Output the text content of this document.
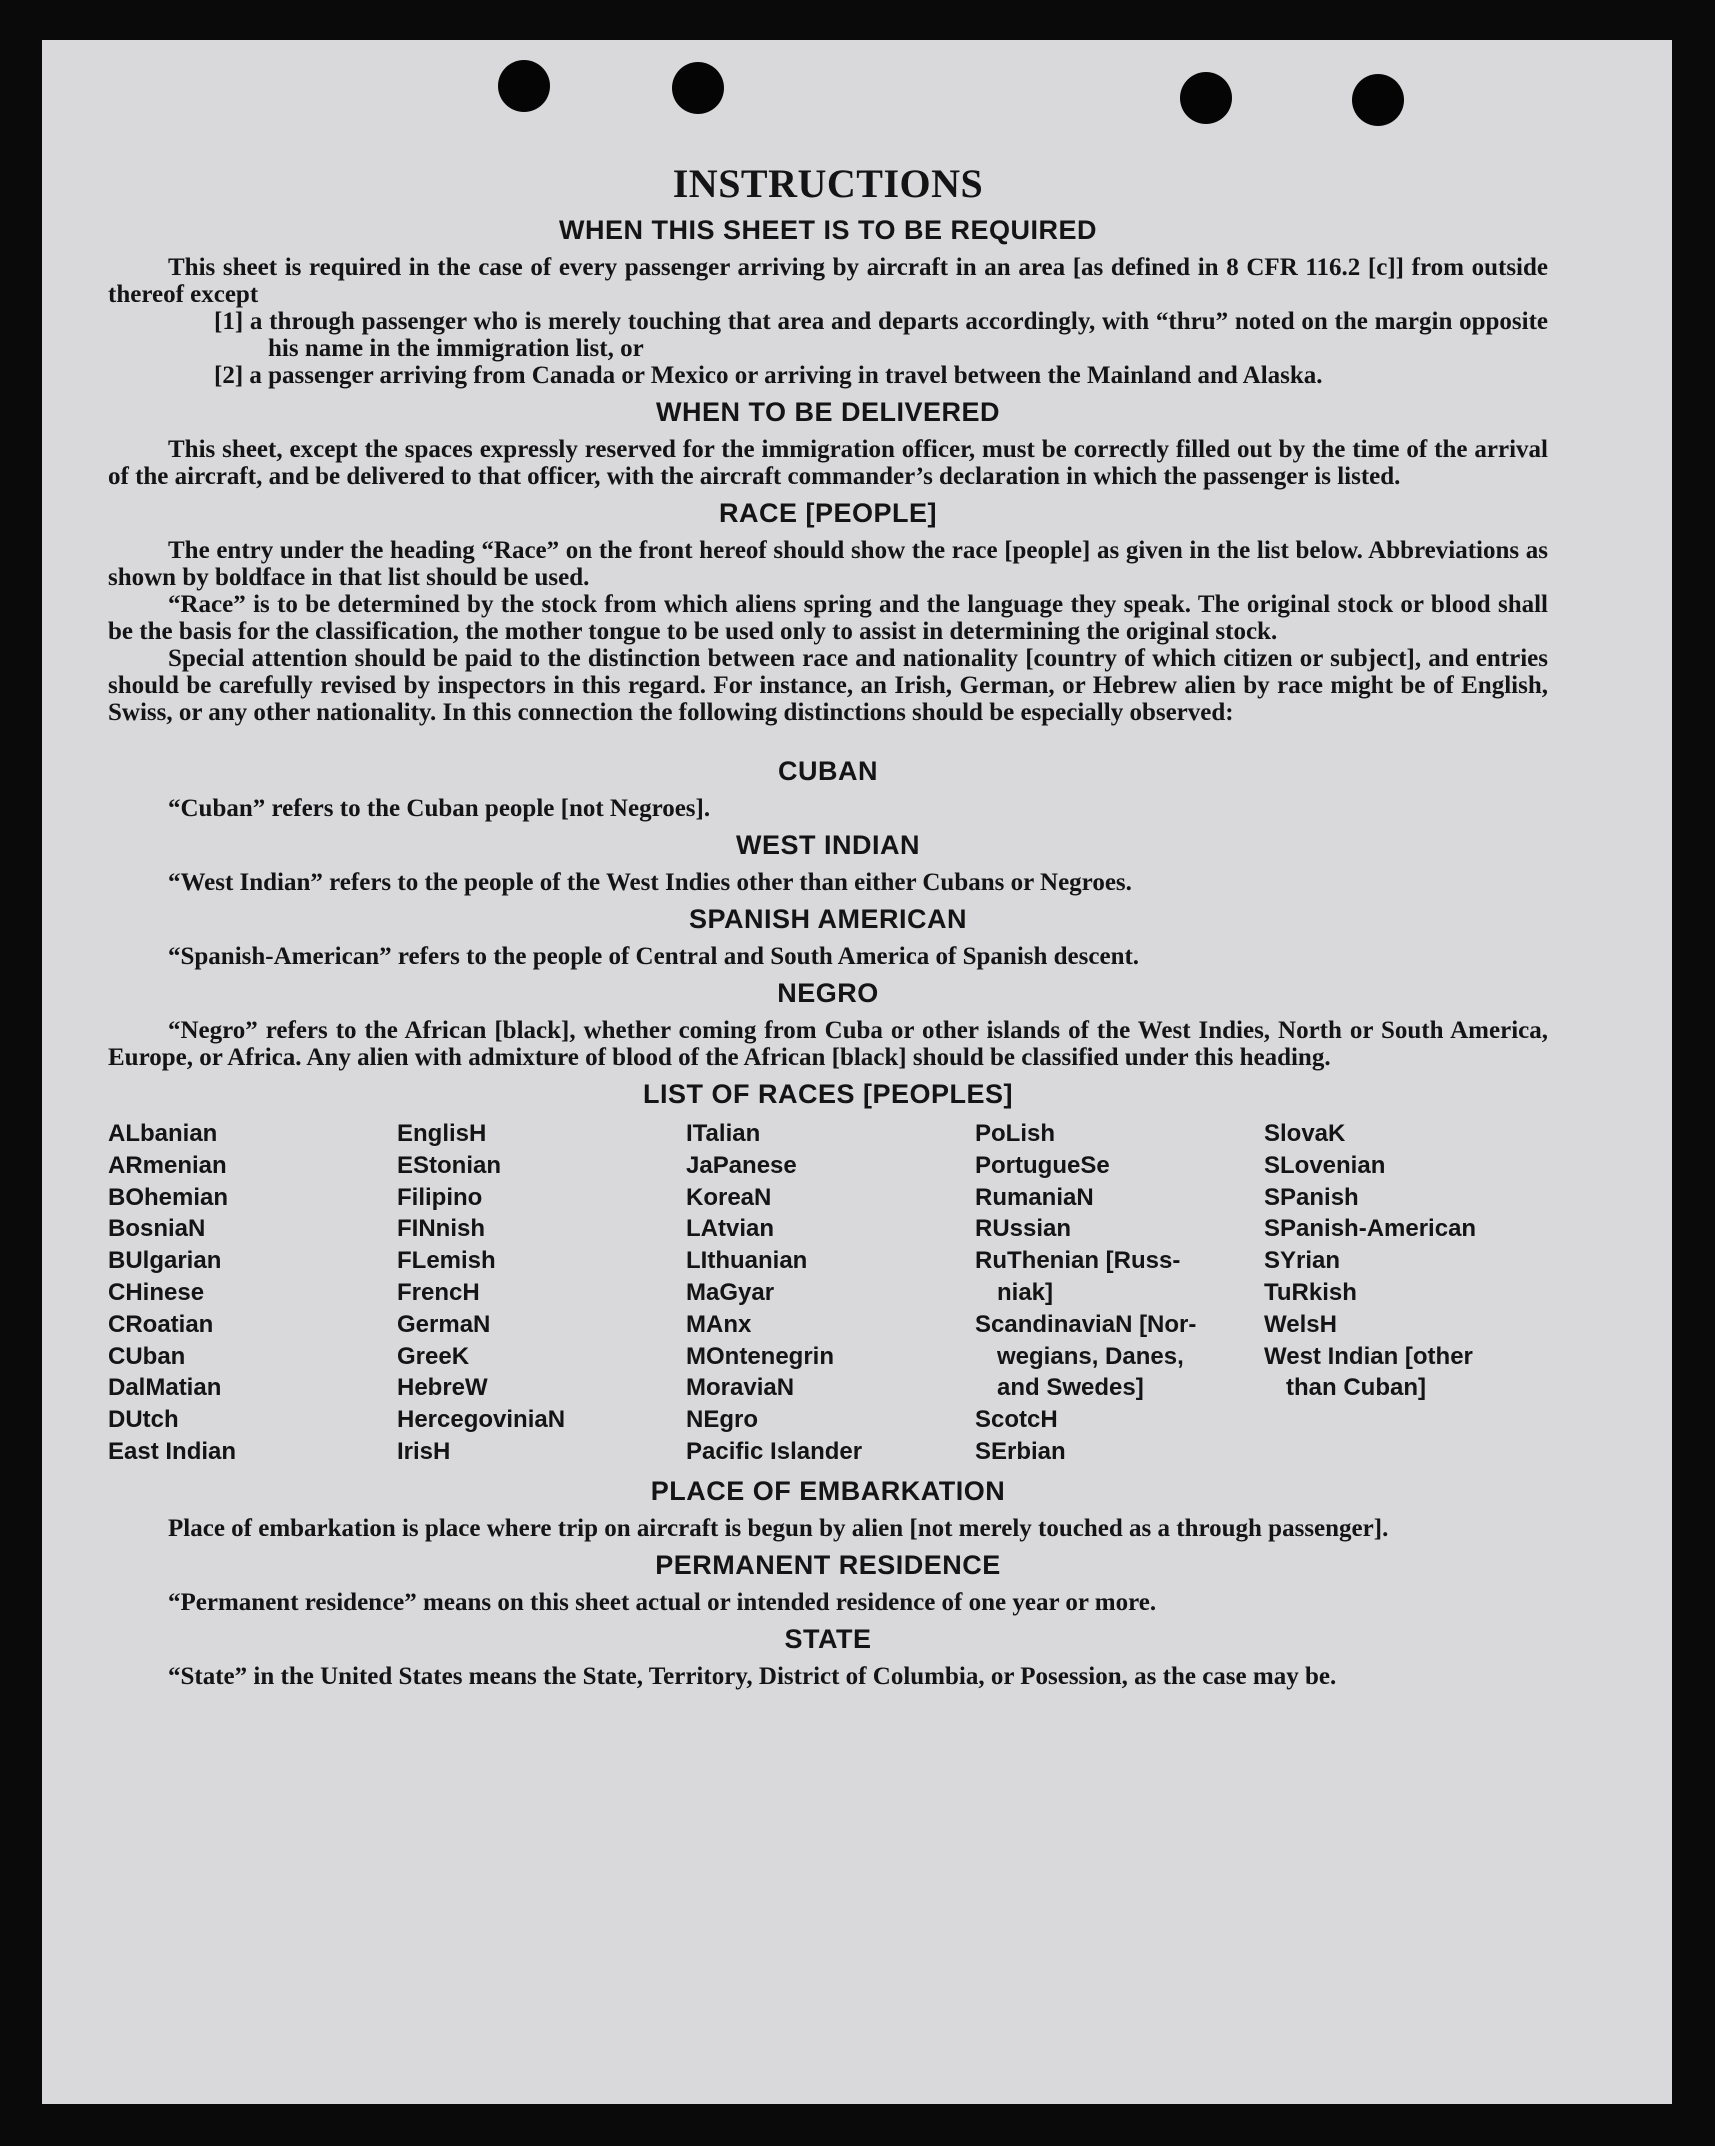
INSTRUCTIONS
WHEN THIS SHEET IS TO BE REQUIRED

This sheet is required in the case of every passenger arriving by aircraft in an area [as defined in 8 CFR 116.2 [c]] from outside thereof except

[1] a through passenger who is merely touching that area and departs accordingly, with “thru” noted on the margin opposite his name in the immigration list, or

[2] a passenger arriving from Canada or Mexico or arriving in travel between the Mainland and Alaska.

WHEN TO BE DELIVERED

This sheet, except the spaces expressly reserved for the immigration officer, must be correctly filled out by the time of the arrival of the aircraft, and be delivered to that officer, with the aircraft commander’s declaration in which the passenger is listed.

RACE [PEOPLE]

The entry under the heading “Race” on the front hereof should show the race [people] as given in the list below. Abbreviations as shown by boldface in that list should be used.

“Race” is to be determined by the stock from which aliens spring and the language they speak. The original stock or blood shall be the basis for the classification, the mother tongue to be used only to assist in determining the original stock.

Special attention should be paid to the distinction between race and nationality [country of which citizen or subject], and entries should be carefully revised by inspectors in this regard. For instance, an Irish, German, or Hebrew alien by race might be of English, Swiss, or any other nationality. In this connection the following distinctions should be especially observed:

CUBAN

“Cuban” refers to the Cuban people [not Negroes].

WEST INDIAN

“West Indian” refers to the people of the West Indies other than either Cubans or Negroes.

SPANISH AMERICAN

“Spanish-American” refers to the people of Central and South America of Spanish descent.

NEGRO

“Negro” refers to the African [black], whether coming from Cuba or other islands of the West Indies, North or South America, Europe, or Africa. Any alien with admixture of blood of the African [black] should be classified under this heading.

LIST OF RACES [PEOPLES]
ALbanian
ARmenian
BOhemian
BosniaN
BUlgarian
CHinese
CRoatian
CUban
DalMatian
DUtch
East Indian
EnglisH
EStonian
Filipino
FINnish
FLemish
FrencH
GermaN
GreeK
HebreW
HercegoviniaN
IrisH
ITalian
JaPanese
KoreaN
LAtvian
LIthuanian
MaGyar
MAnx
MOntenegrin
MoraviaN
NEgro
Pacific Islander
PoLish
PortugueSe
RumaniaN
RUssian
RuThenian [Russ-
niak]
ScandinaviaN [Nor-
wegians, Danes,
and Swedes]
ScotcH
SErbian
SlovaK
SLovenian
SPanish
SPanish-American
SYrian
TuRkish
WelsH
West Indian [other
than Cuban]
PLACE OF EMBARKATION

Place of embarkation is place where trip on aircraft is begun by alien [not merely touched as a through passenger].

PERMANENT RESIDENCE

“Permanent residence” means on this sheet actual or intended residence of one year or more.

STATE

“State” in the United States means the State, Territory, District of Columbia, or Posession, as the case may be.
